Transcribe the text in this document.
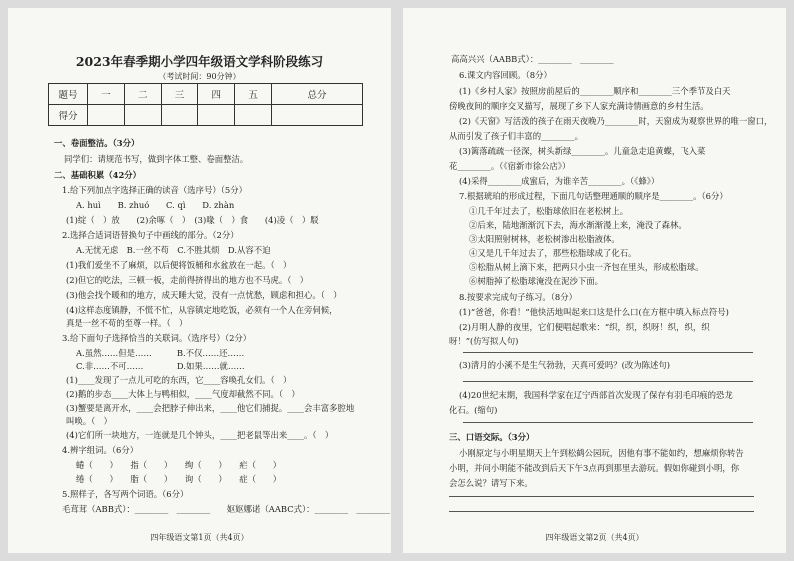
2023年春季期小学四年级语文学科阶段练习
（考试时间：90分钟）
题号	一	二	三	四	五	总分
得分						
一、卷面整洁。（3分）
同学们：请规范书写，做到字体工整、卷面整洁。
二、基础积累（42分）
1.给下列加点字选择正确的读音（选序号）（5分）
A. huì　　B. zhuó　　C. qì　　D. zhàn
(1)绽（　）放　　(2)余啄（　）　(3)喙（　）食　　(4)凌（　）駁
2.选择合适词语替换句子中画线的部分。（2分）
A.无忧无虑　B.一丝不苟　C.不胜其烦　D.从容不迫
(1)我们爱坐不了麻烦，以后便将饭桶和水盆放在一起。（　）
(2)但它的吃法，三顿一板，走前得挤得出的地方也不马虎。（　）
(3)他会找个暖和的地方，成天睡大觉，没有一点忧愁，顾虑和担心。（　）
(4)这样态度镇静，不慌不忙，从容镇定地吃饭，必须有一个人在旁伺候，
真是一丝不苟的至尊一样。（　）
3.给下面句子选择恰当的关联词。（选序号）（2分）
A.虽然……但是……　　　B.不仅……还……
C.非……不可……　　　　D.如果……就……
(1)____发现了一点儿可吃的东西，它____容唤孔女们。（　）
(2)鹅的步态____大体上与鸭相似，____气度却截然不同。（　）
(3)蟹要是离开水，____会把脖子伸出来，____他它们捕捉。____会丰富多腔地
叫唤。（　）
(4)它们所一块地方，一连就是几个钟头，____把老鼠等出来____。（　）
4.辨字组词。（6分）
蜷（　　）　　指（　　）　　绚（　　）　　疟（　　）
绻（　　）　　脂（　　）　　询（　　）　　症（　　）
5.照样子，各写两个词语。（6分）
毛茸茸（ABB式）：________　________　　妪妪娜诺（AABC式）：________　________
四年级语文第1页（共4页）
高高兴兴（AABB式）：________　________
6.课文内容回顾。（8分）
(1)《乡村人家》按照房前屋后的________顺序和________三个季节及白天
傍晚夜间的顺序交叉描写，展现了乡下人家充满诗情画意的乡村生活。
(2)《天窗》写活泼的孩子在雨天夜晚乃________时，天窗成为观察世界的唯一窗口，
从而引发了孩子们丰富的________。
(3)篱落疏疏一径深，树头新绿________。儿童急走追黄蝶，飞入菜
花________。（《宿新市徐公店》）
(4)采得________成蜜后，为谁辛苦________。（《蜂》）
7.根据琥珀的形成过程，下面几句话整理通顺的顺序是________。（6分）
①几千年过去了，松脂球依旧在老松树上。
②后来，陆地渐渐沉下去，海水渐渐漫上来，淹没了森林。
③太阳照射树林，老松树渗出松脂液体。
④又是几千年过去了，那些松脂球成了化石。
⑤松脂从树上滴下来，把两只小虫一齐包在里头，形成松脂球。
⑥树脂掉了松脂球淹没在泥沙下面。
8.按要求完成句子练习。（8分）
(1)“爸爸，你看！”他快活地叫起来口这是什么口(在方框中填入标点符号)
(2)月明人静的夜里，它们便唱起歌来：“织，织，织呀！织，织，织
呀！”(仿写拟人句)
(3)清月的小溪不是生气勃勃，天真可爱吗？(改为陈述句)
(4)20世纪末期，我国科学家在辽宁西部首次发现了保存有羽毛印痕的恐龙
化石。(缩句)
三、口语交际。（3分）
小刚原定与小明星期天上午到松鹤公园玩，因他有事不能如约，想麻烦你转告
小明，并问小明能不能改到后天下午3点再到那里去游玩。假如你碰到小明，你
会怎么说？请写下来。
四年级语文第2页（共4页）
